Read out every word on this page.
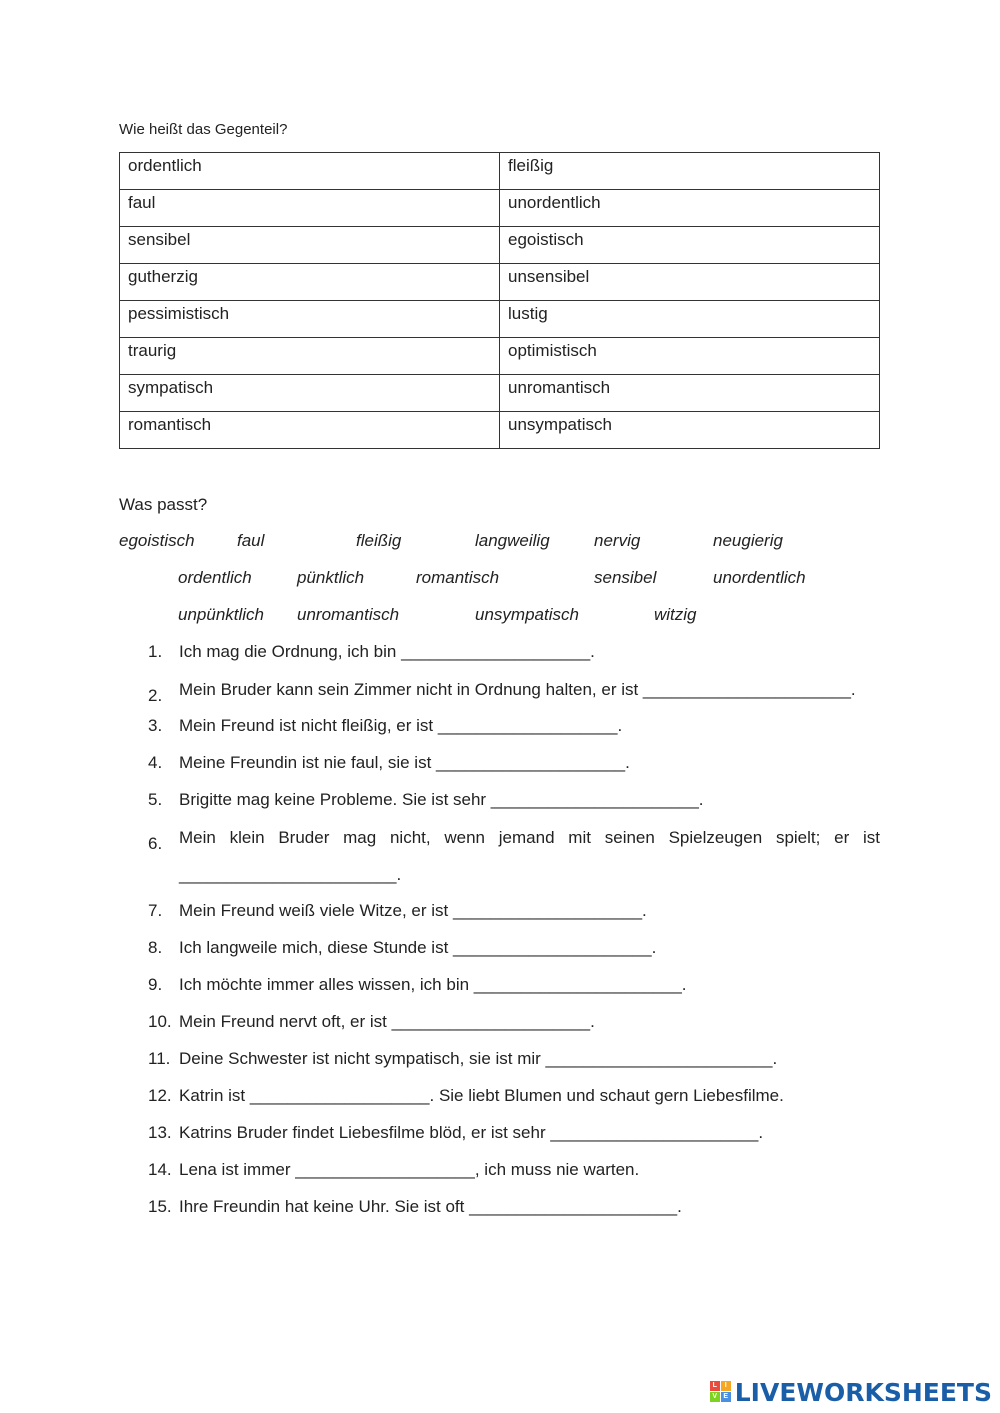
Wie heißt das Gegenteil?
ordentlich	fleißig
faul	unordentlich
sensibel	egoistisch
gutherzig	unsensibel
pessimistisch	lustig
traurig	optimistisch
sympatisch	unromantisch
romantisch	unsympatisch
Was passt?
egoistisch faul	fleißig	langweilig	nervig	neugierig
ordentlich	pünktlich	romantisch	sensibel	unordentlich
unpünktlich unromantisch	unsympatisch	witzig
1. Ich mag die Ordnung, ich bin ____________________.
2. Mein Bruder kann sein Zimmer nicht in Ordnung halten, er ist ______________________.
3. Mein Freund ist nicht fleißig, er ist ___________________.
4. Meine Freundin ist nie faul, sie ist ____________________.
5. Brigitte mag keine Probleme. Sie ist sehr ______________________.
6. Mein klein Bruder mag nicht, wenn jemand mit seinen Spielzeugen spielt; er ist _______________________.
7. Mein Freund weiß viele Witze, er ist ____________________.
8. Ich langweile mich, diese Stunde ist _____________________.
9. Ich möchte immer alles wissen, ich bin ______________________.
10. Mein Freund nervt oft, er ist _____________________.
11. Deine Schwester ist nicht sympatisch, sie ist mir ________________________.
12. Katrin ist ___________________. Sie liebt Blumen und schaut gern Liebesfilme.
13. Katrins Bruder findet Liebesfilme blöd, er ist sehr ______________________.
14. Lena ist immer ___________________, ich muss nie warten.
15. Ihre Freundin hat keine Uhr. Sie ist oft ______________________.
L	I
V E LIVEWORKSHEETS
